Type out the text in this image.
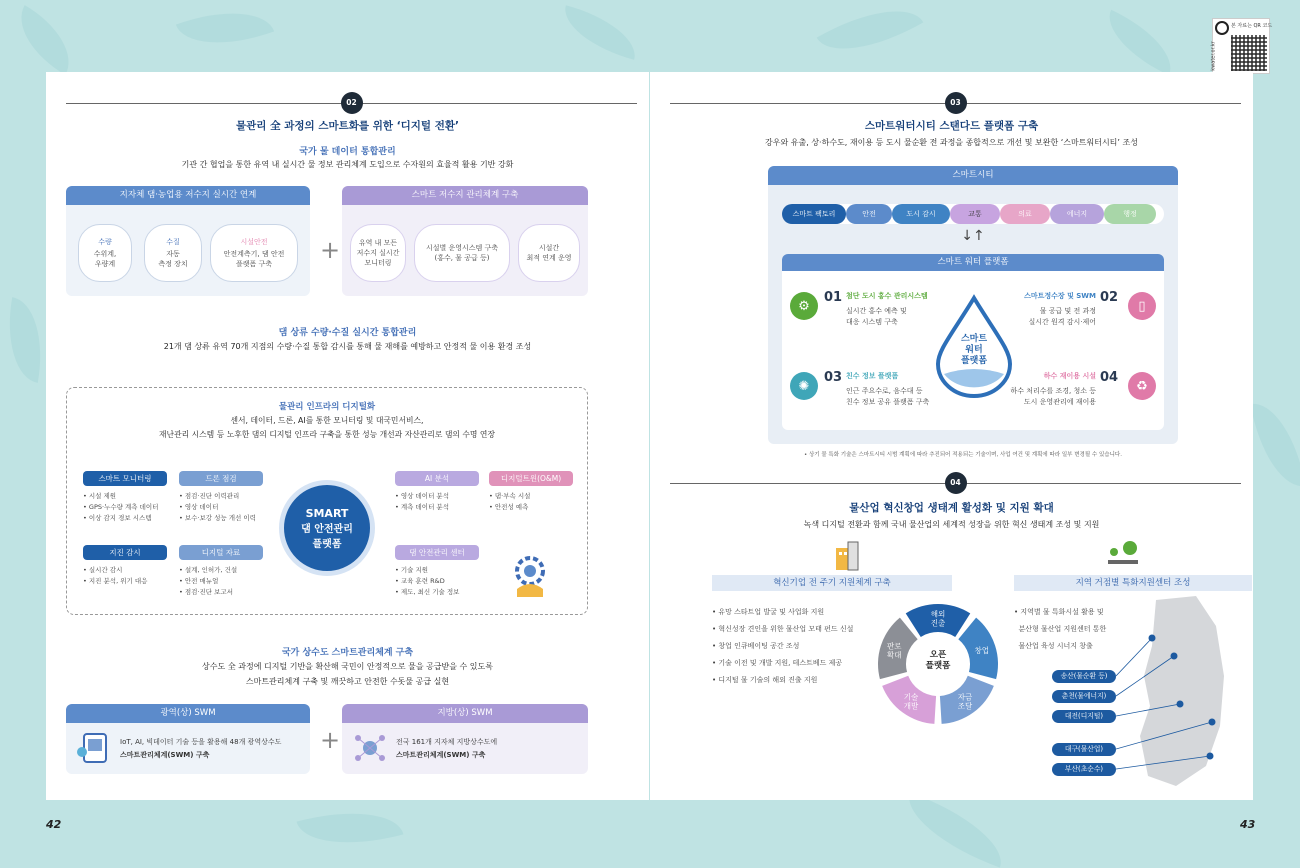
본 자료는 QR 코드
kwater.or.kr
02
물관리 全 과정의 스마트화를 위한 ‘디지털 전환’
국가 물 데이터 통합관리
기관 간 협업을 통한 유역 내 실시간 물 정보 관리체계 도입으로 수자원의 효율적 활용 기반 강화
지자체 댐·농업용 저수지 실시간 연계
수량
수위계,
우량계
수질
자동
측정 장치
시설안전
안전계측기, 댐 안전
플랫폼 구축	+
스마트 저수지 관리체계 구축
유역 내 모든
저수지 실시간
모니터링
시설별 운영시스템 구축
(홍수, 물 공급 등)
시설간
최적 연계 운영
댐 상류 수량·수질 실시간 통합관리
21개 댐 상류 유역 70개 지점의 수량·수질 통합 감시를 통해 물 재해를 예방하고 안정적 물 이용 환경 조성
물관리 인프라의 디지털화
센서, 데이터, 드론, AI를 통한 모니터링 및 대국민서비스,
재난관리 시스템 등 노후한 댐의 디지털 인프라 구축을 통한 성능 개선과 자산관리로 댐의 수명 연장
스마트 모니터링
• 시설 제원
• GPS·누수량 계측 데이터
• 이상 감지 경보 시스템
드론 점검
• 점검·진단 이력관리
• 영상 데이터
• 보수·보강 성능 개선 이력
지진 감시
• 실시간 감시
• 지진 분석, 위기 대응
디지털 자료
• 설계, 인허가, 건설
• 안전 매뉴얼
• 점검·진단 보고서
SMART
댐 안전관리
플랫폼
AI 분석
• 영상 데이터 분석
• 계측 데이터 분석
디지털트윈(O&M)
• 댐·부속 시설
• 안전성 예측
댐 안전관리 센터
• 기술 지원
• 교육 훈련 R&D
• 제도, 최신 기술 정보
국가 상수도 스마트관리체계 구축
상수도 全 과정에 디지털 기반을 확산해 국민이 안정적으로 물을 공급받을 수 있도록
스마트관리체계 구축 및 깨끗하고 안전한 수돗물 공급 실현
광역(상) SWM
IoT, AI, 빅데이터 기술 등을 활용해 48개 광역상수도
스마트관리체계(SWM) 구축
+
지방(상) SWM
전국 161개 지자체 지방상수도에
스마트관리체계(SWM) 구축
42
03
스마트워터시티 스탠다드 플랫폼 구축
강우와 유출, 상·하수도, 재이용 등 도시 물순환 전 과정을 종합적으로 개선 및 보완한 ‘스마트워터시티’ 조성
스마트시티
스마트 팩토리	안전	도시 감시	교통	의료	에너지	행정
↓↑
스마트 워터 플랫폼
스마트
워터
플랫폼
⚙
01 첨단 도시 홍수 관리시스템
실시간 홍수 예측 및
대응 시스템 구축
▯
02
스마트정수장 및 SWM
물 공급 및 전 과정
실시간 원격 감시·제어
✺
03 친수 정보 플랫폼
인근 주요수로, 음수대 등
친수 정보 공유 플랫폼 구축
♻
04
하수 재이용 시설
하수 처리수를 조경, 청소 등
도시 운영관리에 재이용
• 상기 물 특화 기술은 스마트시티 시범 계획에 따라 추진되어 적용되는 기술이며, 사업 여건 및 계획에 따라 일부 변경될 수 있습니다.
04
물산업 혁신창업 생태계 활성화 및 지원 확대
녹색 디지털 전환과 함께 국내 물산업의 세계적 성장을 위한 혁신 생태계 조성 및 지원
혁신기업 전 주기 지원체계 구축	지역 거점별 특화지원센터 조성
• 유망 스타트업 발굴 및 사업화 지원
• 혁신성장 견인을 위한 물산업 모태 펀드 신설
• 창업 인큐베이팅 공간 조성
• 기술 이전 및 개발 지원, 테스트베드 제공
• 디지털 물 기술의 해외 진출 지원
해외
진출
창업
자금
조달
기술
개발
판로
확대	오픈
플랫폼
• 지역별 물 특화시설 활용 및
분산형 물산업 지원센터 통한
물산업 육성 시너지 창출
송산(물순환 등)
춘천(물에너지)
대전(디지털)
대구(물산업)
부산(초순수)
43
